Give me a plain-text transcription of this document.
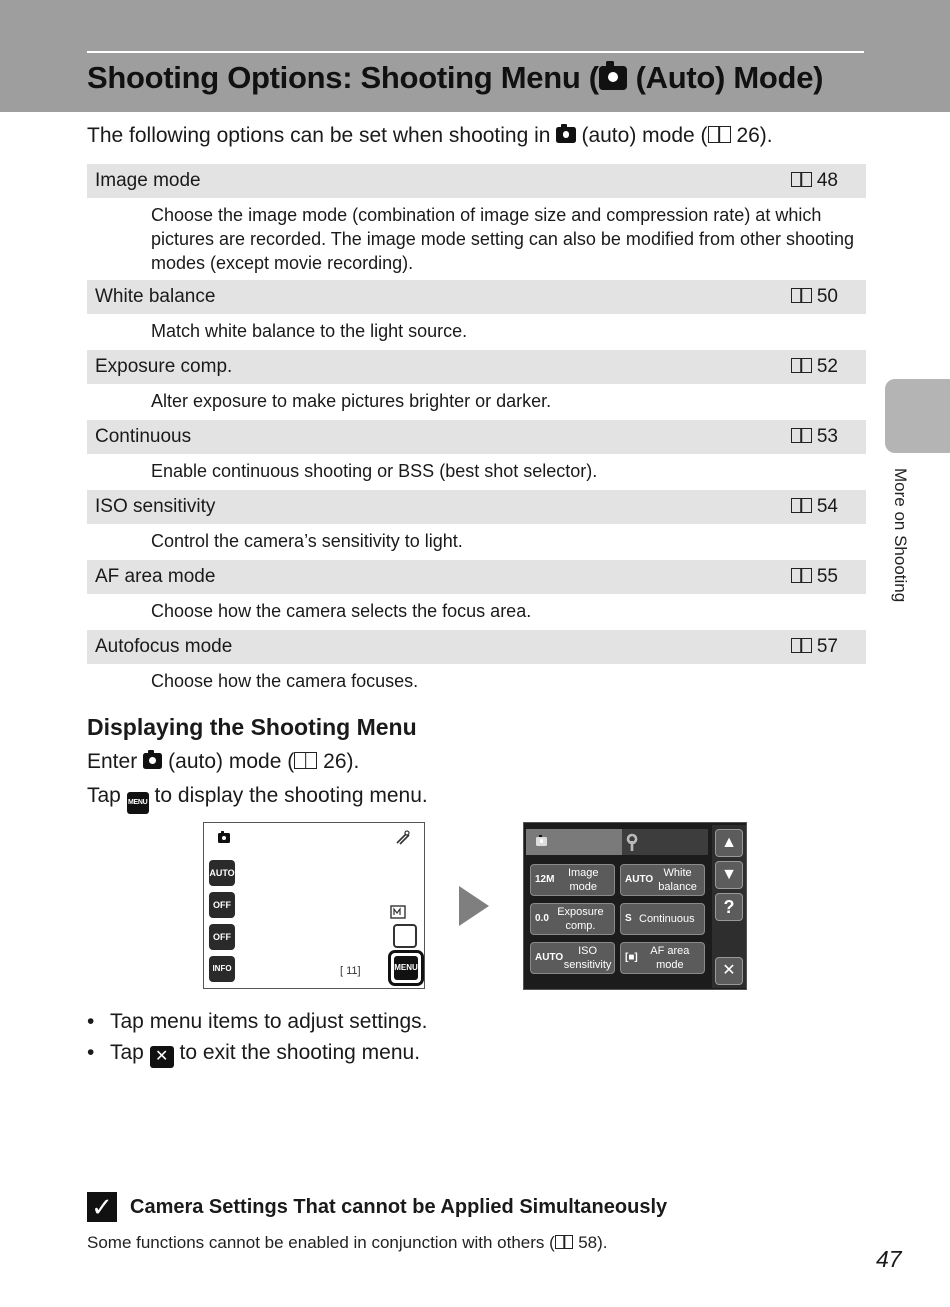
Shooting Options: Shooting Menu ( (Auto) Mode)

The following options can be set when shooting in  (auto) mode ( 26).

Image mode	48
Choose the image mode (combination of image size and compression rate) at which pictures are recorded. The image mode setting can also be modified from other shooting modes (except movie recording).
White balance	50
Match white balance to the light source.
Exposure comp.	52
Alter exposure to make pictures brighter or darker.
Continuous	53
Enable continuous shooting or BSS (best shot selector).
ISO sensitivity	54
Control the camera’s sensitivity to light.
AF area mode	55
Choose how the camera selects the focus area.
Autofocus mode	57
Choose how the camera focuses.
Displaying the Shooting Menu

Enter  (auto) mode ( 26).

Tap MENU to display the shooting menu.

AUTO
OFF
OFF
INFO	[ 11]	MENU
12M
Image mode
AUTO
White balance
0.0
Exposure comp.
S Continuous
AUTO
ISO sensitivity
[■]
AF area mode
▲
▼
?
✕
• Tap menu items to adjust settings.
• Tap ✕ to exit the shooting menu.
✓ Camera Settings That cannot be Applied Simultaneously

Some functions cannot be enabled in conjunction with others ( 58).

More on Shooting
47
